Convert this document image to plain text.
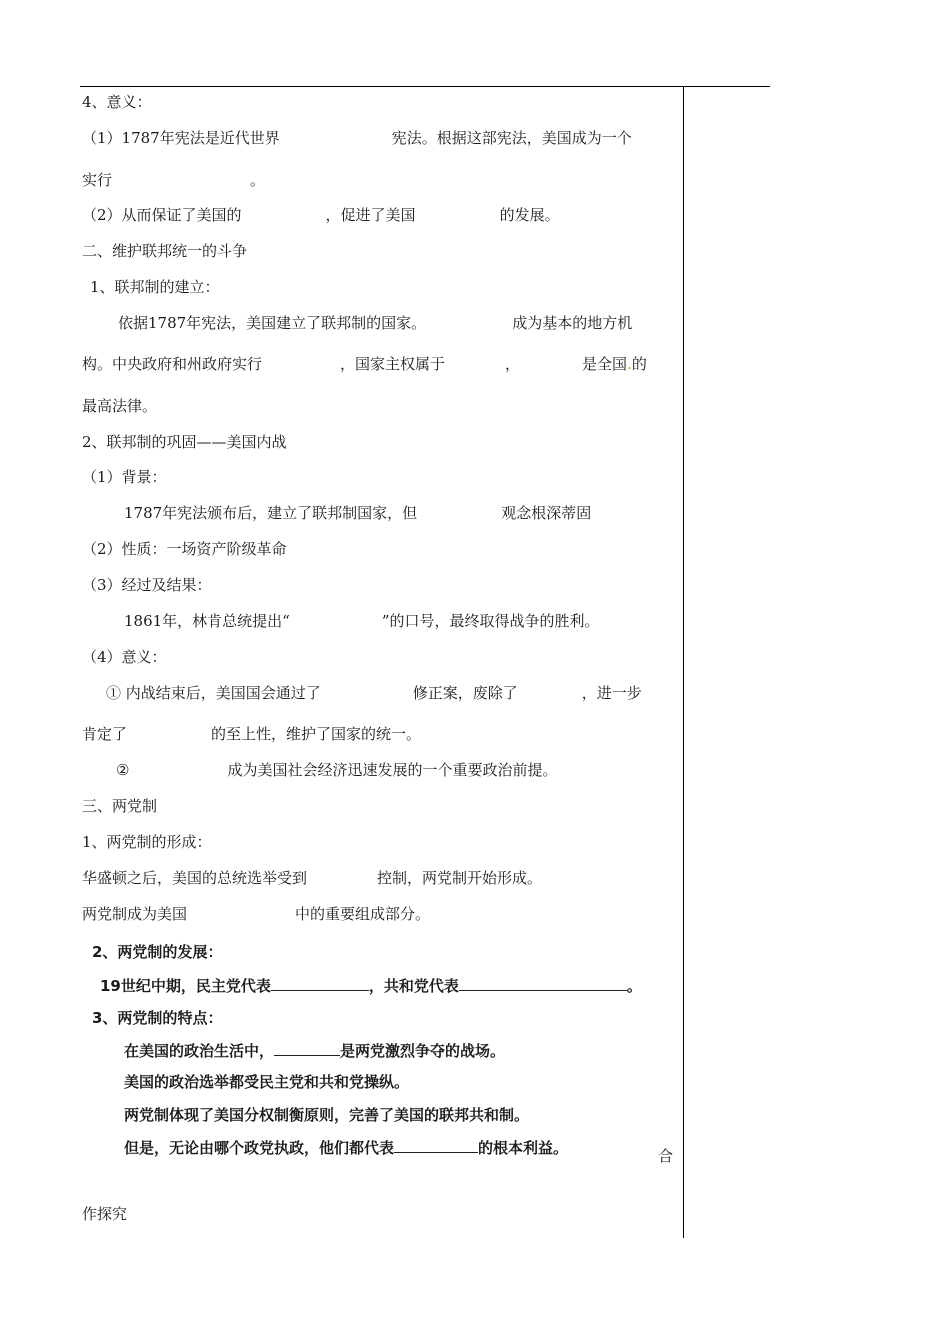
4、意义：
（1）1787年宪法是近代世界	宪法。根据这部宪法，美国成为一个
实行	。
（2）从而保证了美国的	，促进了美国	的发展。
二、维护联邦统一的斗争
1、联邦制的建立：
依据1787年宪法，美国建立了联邦制的国家。	成为基本的地方机
构。中央政府和州政府实行	，国家主权属于	，	是全国.的
最高法律。
2、联邦制的巩固——美国内战
（1）背景：
1787年宪法颁布后，建立了联邦制国家，但	观念根深蒂固
（2）性质：一场资产阶级革命
（3）经过及结果：
1861年，林肯总统提出“	”的口号，最终取得战争的胜利。
（4）意义：
① 内战结束后，美国国会通过了	修正案，废除了	，进一步
肯定了	的至上性，维护了国家的统一。
②	成为美国社会经济迅速发展的一个重要政治前提。
三、两党制
1、两党制的形成：
华盛顿之后，美国的总统选举受到	控制，两党制开始形成。
两党制成为美国	中的重要组成部分。
2、两党制的发展：
19世纪中期，民主党代表	，共和党代表	。
3、两党制的特点：
在美国的政治生活中，	是两党激烈争夺的战场。
美国的政治选举都受民主党和共和党操纵。
两党制体现了美国分权制衡原则，完善了美国的联邦共和制。
但是，无论由哪个政党执政，他们都代表	的根本利益。	合
作探究
